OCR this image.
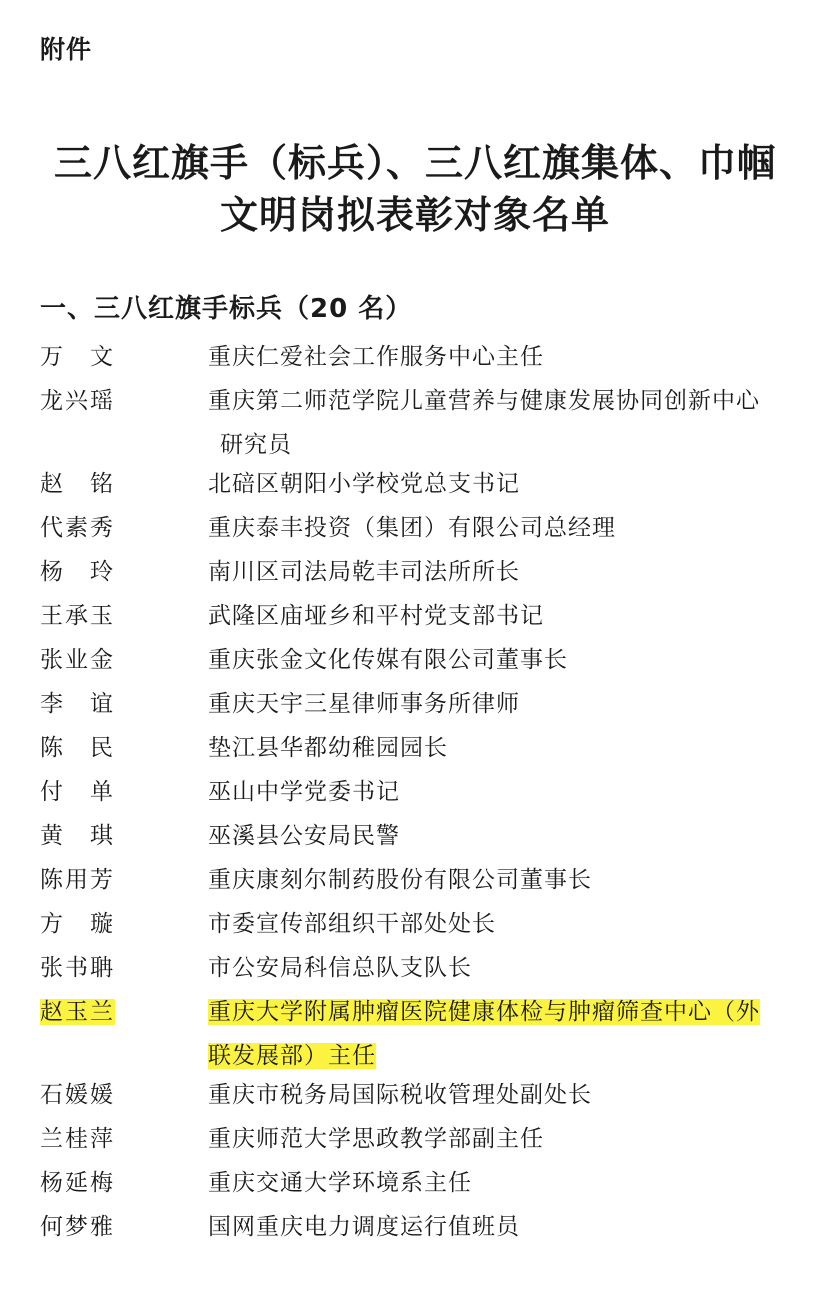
附件
三八红旗手（标兵）、三八红旗集体、巾帼
文明岗拟表彰对象名单
一、三八红旗手标兵（20 名）
万　文	重庆仁爱社会工作服务中心主任
龙兴瑶	重庆第二师范学院儿童营养与健康发展协同创新中心
研究员
赵　铭	北碚区朝阳小学校党总支书记
代素秀	重庆泰丰投资（集团）有限公司总经理
杨　玲	南川区司法局乾丰司法所所长
王承玉	武隆区庙垭乡和平村党支部书记
张业金	重庆张金文化传媒有限公司董事长
李　谊	重庆天宇三星律师事务所律师
陈　民	垫江县华都幼稚园园长
付　单	巫山中学党委书记
黄　琪	巫溪县公安局民警
陈用芳	重庆康刻尔制药股份有限公司董事长
方　璇	市委宣传部组织干部处处长
张书聃	市公安局科信总队支队长
赵玉兰	重庆大学附属肿瘤医院健康体检与肿瘤筛查中心（外
联发展部）主任
石媛媛	重庆市税务局国际税收管理处副处长
兰桂萍	重庆师范大学思政教学部副主任
杨延梅	重庆交通大学环境系主任
何梦雅	国网重庆电力调度运行值班员
